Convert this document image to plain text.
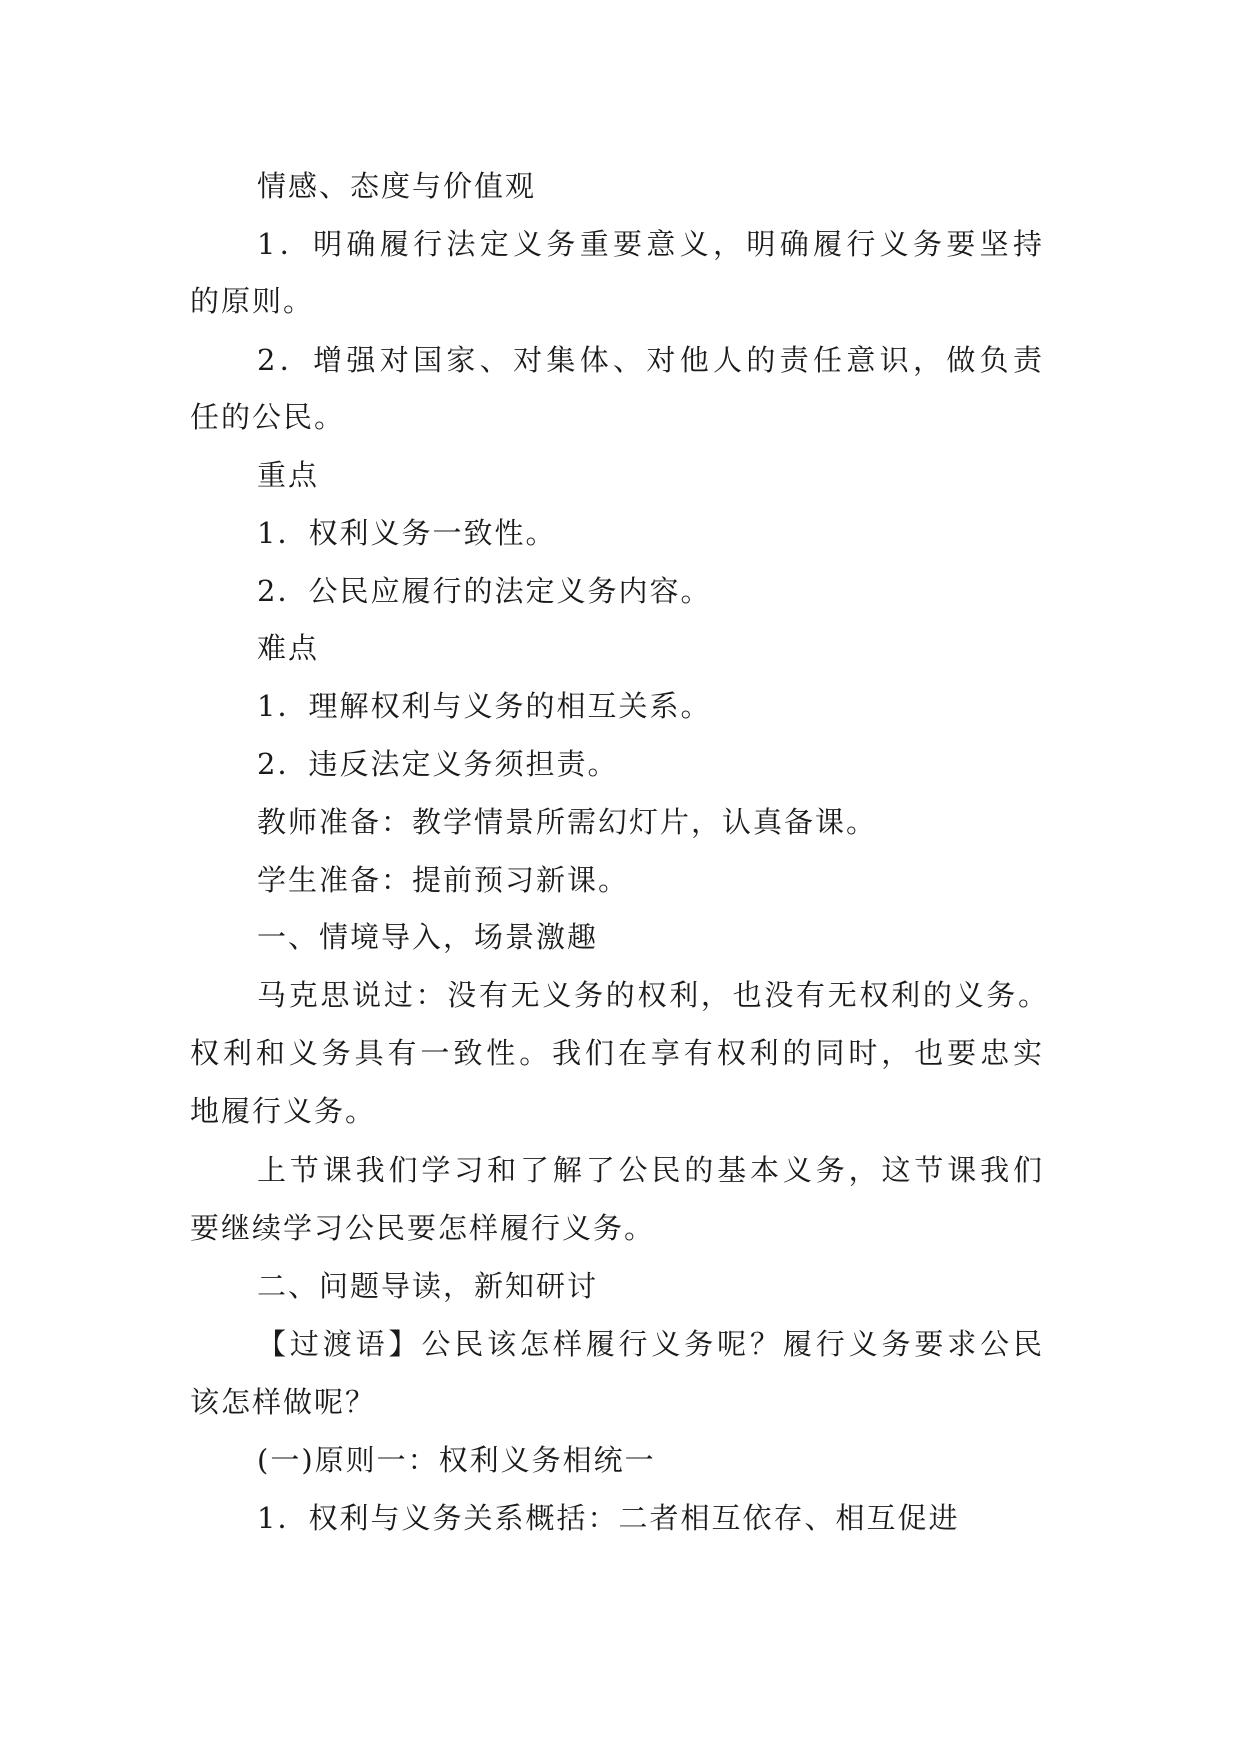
情感、态度与价值观
1．明确履行法定义务重要意义，明确履行义务要坚持
的原则。
2．增强对国家、对集体、对他人的责任意识，做负责
任的公民。
重点
1．权利义务一致性。
2．公民应履行的法定义务内容。
难点
1．理解权利与义务的相互关系。
2．违反法定义务须担责。
教师准备：教学情景所需幻灯片，认真备课。
学生准备：提前预习新课。
一、情境导入，场景激趣
马克思说过：没有无义务的权利，也没有无权利的义务。
权利和义务具有一致性。我们在享有权利的同时，也要忠实
地履行义务。
上节课我们学习和了解了公民的基本义务，这节课我们
要继续学习公民要怎样履行义务。
二、问题导读，新知研讨
【过渡语】公民该怎样履行义务呢？履行义务要求公民
该怎样做呢？
(一)原则一：权利义务相统一
1．权利与义务关系概括：二者相互依存、相互促进
